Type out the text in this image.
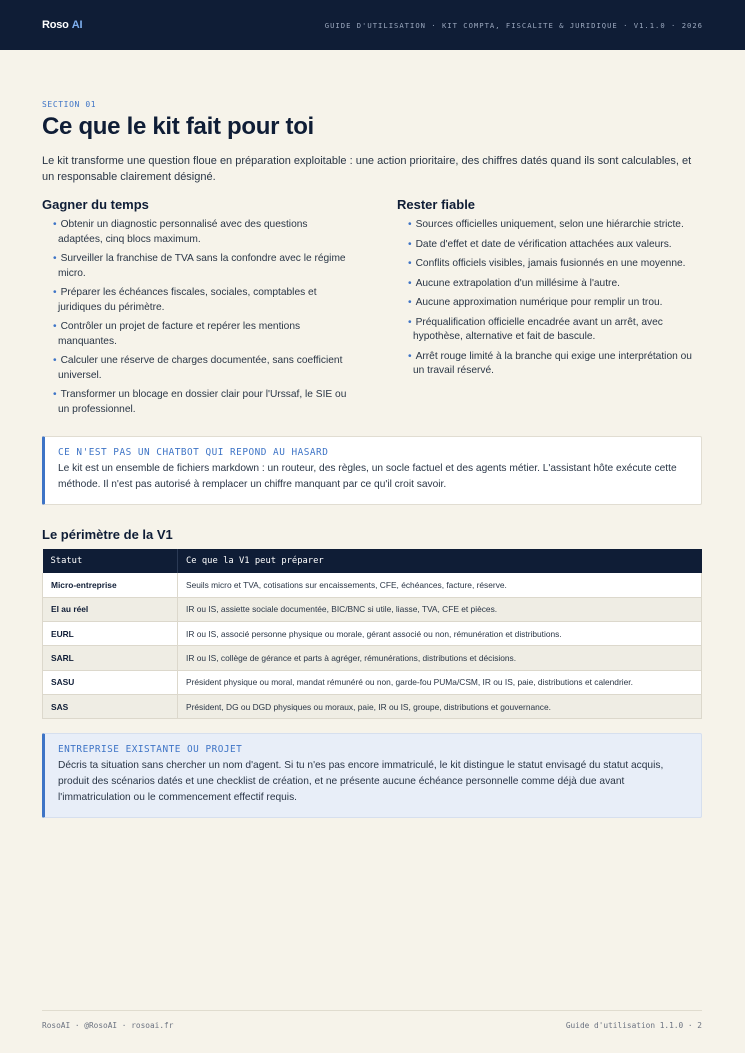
Roso AI	GUIDE D'UTILISATION · KIT COMPTA, FISCALITE & JURIDIQUE · V1.1.0 · 2026
SECTION 01
Ce que le kit fait pour toi

Le kit transforme une question floue en préparation exploitable : une action prioritaire, des chiffres datés quand ils sont calculables, et un responsable clairement désigné.

Gagner du temps
• Obtenir un diagnostic personnalisé avec des questions adaptées, cinq blocs maximum.
• Surveiller la franchise de TVA sans la confondre avec le régime micro.
• Préparer les échéances fiscales, sociales, comptables et juridiques du périmètre.
• Contrôler un projet de facture et repérer les mentions manquantes.
• Calculer une réserve de charges documentée, sans coefficient universel.
• Transformer un blocage en dossier clair pour l'Urssaf, le SIE ou un professionnel.
Rester fiable
• Sources officielles uniquement, selon une hiérarchie stricte.
• Date d'effet et date de vérification attachées aux valeurs.
• Conflits officiels visibles, jamais fusionnés en une moyenne.
• Aucune extrapolation d'un millésime à l'autre.
• Aucune approximation numérique pour remplir un trou.
• Préqualification officielle encadrée avant un arrêt, avec hypothèse, alternative et fait de bascule.
• Arrêt rouge limité à la branche qui exige une interprétation ou un travail réservé.
CE N'EST PAS UN CHATBOT QUI REPOND AU HASARD
Le kit est un ensemble de fichiers markdown : un routeur, des règles, un socle factuel et des agents métier. L'assistant hôte exécute cette méthode. Il n'est pas autorisé à remplacer un chiffre manquant par ce qu'il croit savoir.
Le périmètre de la V1
Statut	Ce que la V1 peut préparer
Micro-entreprise	Seuils micro et TVA, cotisations sur encaissements, CFE, échéances, facture, réserve.
EI au réel	IR ou IS, assiette sociale documentée, BIC/BNC si utile, liasse, TVA, CFE et pièces.
EURL	IR ou IS, associé personne physique ou morale, gérant associé ou non, rémunération et distributions.
SARL	IR ou IS, collège de gérance et parts à agréger, rémunérations, distributions et décisions.
SASU	Président physique ou moral, mandat rémunéré ou non, garde-fou PUMa/CSM, IR ou IS, paie, distributions et calendrier.
SAS	Président, DG ou DGD physiques ou moraux, paie, IR ou IS, groupe, distributions et gouvernance.
ENTREPRISE EXISTANTE OU PROJET
Décris ta situation sans chercher un nom d'agent. Si tu n'es pas encore immatriculé, le kit distingue le statut envisagé du statut acquis, produit des scénarios datés et une checklist de création, et ne présente aucune échéance personnelle comme déjà due avant l'immatriculation ou le commencement effectif requis.
RosoAI · @RosoAI · rosoai.fr	Guide d'utilisation 1.1.0 · 2
